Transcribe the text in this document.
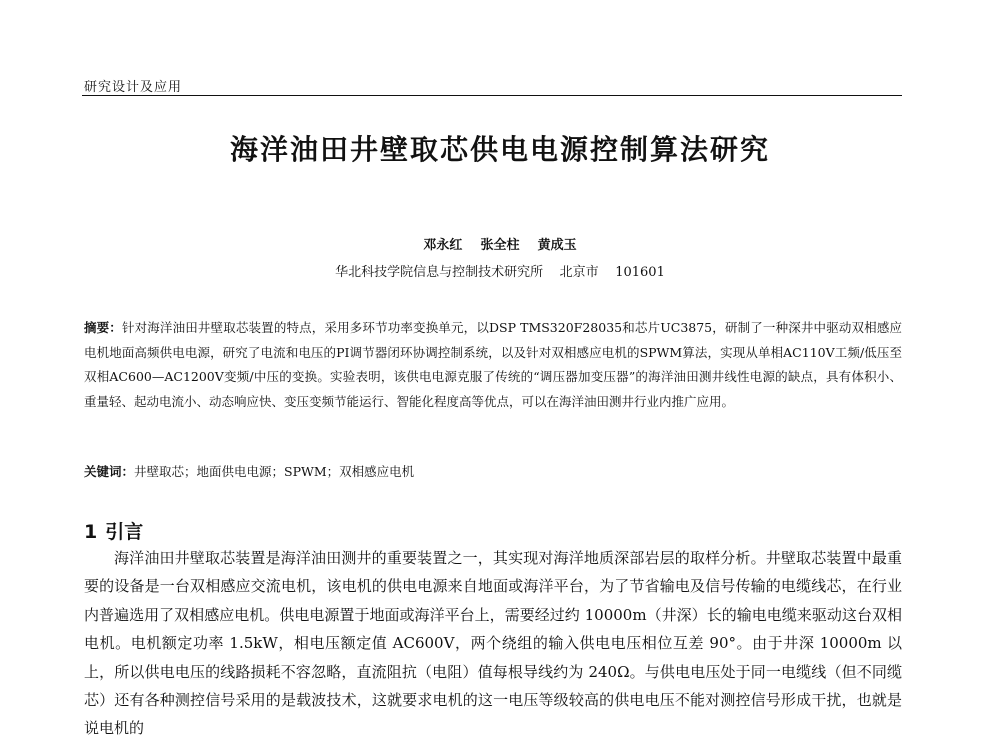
研究设计及应用
海洋油田井壁取芯供电电源控制算法研究
邓永红    张全柱    黄成玉
华北科技学院信息与控制技术研究所    北京市    101601
摘要：针对海洋油田井壁取芯装置的特点，采用多环节功率变换单元，以DSP TMS320F28035和芯片UC3875，研制了一种深井中驱动双相感应电机地面高频供电电源，研究了电流和电压的PI调节器闭环协调控制系统，以及针对双相感应电机的SPWM算法，实现从单相AC110V工频/低压至双相AC600—AC1200V变频/中压的变换。实验表明，该供电电源克服了传统的“调压器加变压器”的海洋油田测井线性电源的缺点，具有体积小、重量轻、起动电流小、动态响应快、变压变频节能运行、智能化程度高等优点，可以在海洋油田测井行业内推广应用。
关键词：井壁取芯；地面供电电源；SPWM；双相感应电机
1 引言
海洋油田井壁取芯装置是海洋油田测井的重要装置之一，其实现对海洋地质深部岩层的取样分析。井壁取芯装置中最重要的设备是一台双相感应交流电机，该电机的供电电源来自地面或海洋平台，为了节省输电及信号传输的电缆线芯，在行业内普遍选用了双相感应电机。供电电源置于地面或海洋平台上，需要经过约 10000m（井深）长的输电电缆来驱动这台双相电机。电机额定功率 1.5kW，相电压额定值 AC600V，两个绕组的输入供电电压相位互差 90°。由于井深 10000m 以上，所以供电电压的线路损耗不容忽略，直流阻抗（电阻）值每根导线约为 240Ω。与供电电压处于同一电缆线（但不同缆芯）还有各种测控信号采用的是载波技术，这就要求电机的这一电压等级较高的供电电压不能对测控信号形成干扰，也就是说电机的
